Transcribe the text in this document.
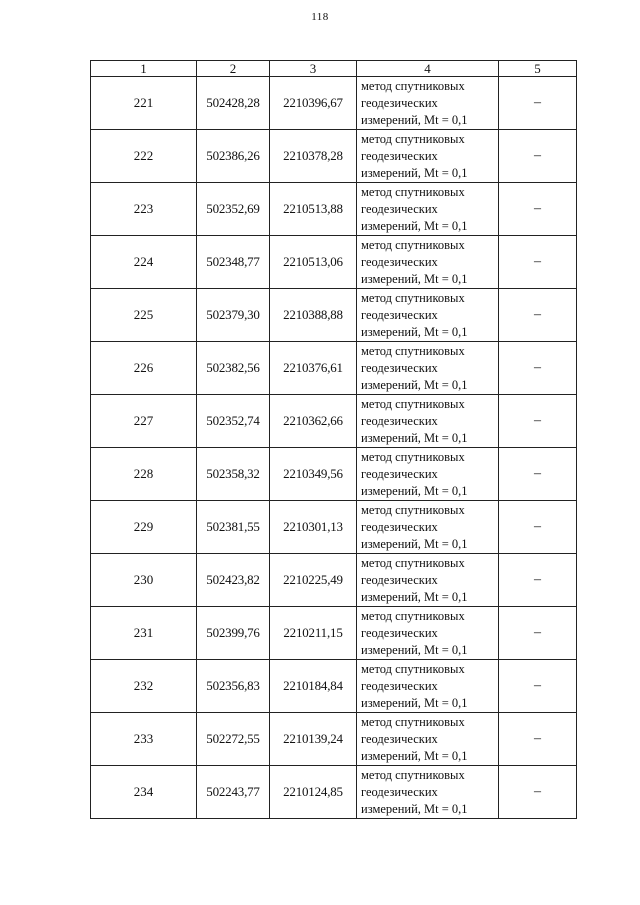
118
1	2	3	4	5
221	502428,28	2210396,67	метод спутниковых
геодезических
измерений, Mt = 0,1	–
222	502386,26	2210378,28	метод спутниковых
геодезических
измерений, Mt = 0,1	–
223	502352,69	2210513,88	метод спутниковых
геодезических
измерений, Mt = 0,1	–
224	502348,77	2210513,06	метод спутниковых
геодезических
измерений, Mt = 0,1	–
225	502379,30	2210388,88	метод спутниковых
геодезических
измерений, Mt = 0,1	–
226	502382,56	2210376,61	метод спутниковых
геодезических
измерений, Mt = 0,1	–
227	502352,74	2210362,66	метод спутниковых
геодезических
измерений, Mt = 0,1	–
228	502358,32	2210349,56	метод спутниковых
геодезических
измерений, Mt = 0,1	–
229	502381,55	2210301,13	метод спутниковых
геодезических
измерений, Mt = 0,1	–
230	502423,82	2210225,49	метод спутниковых
геодезических
измерений, Mt = 0,1	–
231	502399,76	2210211,15	метод спутниковых
геодезических
измерений, Mt = 0,1	–
232	502356,83	2210184,84	метод спутниковых
геодезических
измерений, Mt = 0,1	–
233	502272,55	2210139,24	метод спутниковых
геодезических
измерений, Mt = 0,1	–
234	502243,77	2210124,85	метод спутниковых
геодезических
измерений, Mt = 0,1	–
